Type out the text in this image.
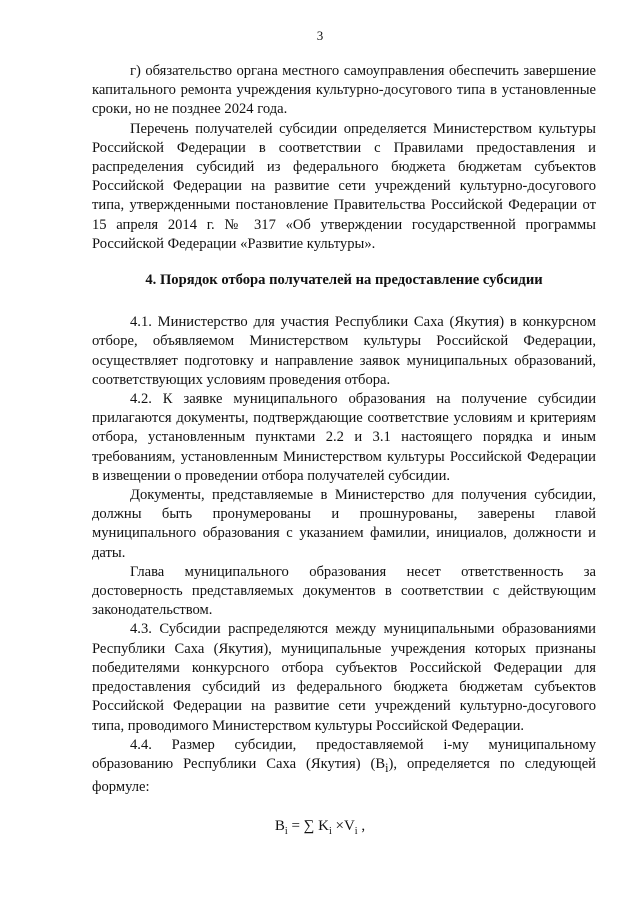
3

г) обязательство органа местного самоуправления обеспечить завершение капитального ремонта учреждения культурно-досугового типа в установленные сроки, но не позднее 2024 года.

Перечень получателей субсидии определяется Министерством культуры Российской Федерации в соответствии с Правилами предоставления и распределения субсидий из федерального бюджета бюджетам субъектов Российской Федерации на развитие сети учреждений культурно-досугового типа, утвержденными постановление Правительства Российской Федерации от 15 апреля 2014 г. № 317 «Об утверждении государственной программы Российской Федерации «Развитие культуры».

4. Порядок отбора получателей на предоставление субсидии

4.1. Министерство для участия Республики Саха (Якутия) в конкурсном отборе, объявляемом Министерством культуры Российской Федерации, осуществляет подготовку и направление заявок муниципальных образований, соответствующих условиям проведения отбора.

4.2. К заявке муниципального образования на получение субсидии прилагаются документы, подтверждающие соответствие условиям и критериям отбора, установленным пунктами 2.2 и 3.1 настоящего порядка и иным требованиям, установленным Министерством культуры Российской Федерации в извещении о проведении отбора получателей субсидии.

Документы, представляемые в Министерство для получения субсидии, должны быть пронумерованы и прошнурованы, заверены главой муниципального образования с указанием фамилии, инициалов, должности и даты.

Глава муниципального образования несет ответственность за достоверность представляемых документов в соответствии с действующим законодательством.

4.3. Субсидии распределяются между муниципальными образованиями Республики Саха (Якутия), муниципальные учреждения которых признаны победителями конкурсного отбора субъектов Российской Федерации для предоставления субсидий из федерального бюджета бюджетам субъектов Российской Федерации на развитие сети учреждений культурно-досугового типа, проводимого Министерством культуры Российской Федерации.

4.4. Размер субсидии, предоставляемой i-му муниципальному образованию Республики Саха (Якутия) $(B_i)$, определяется по следующей формуле:

$B_i$ = ∑ $K_i \times V_i$ ,
